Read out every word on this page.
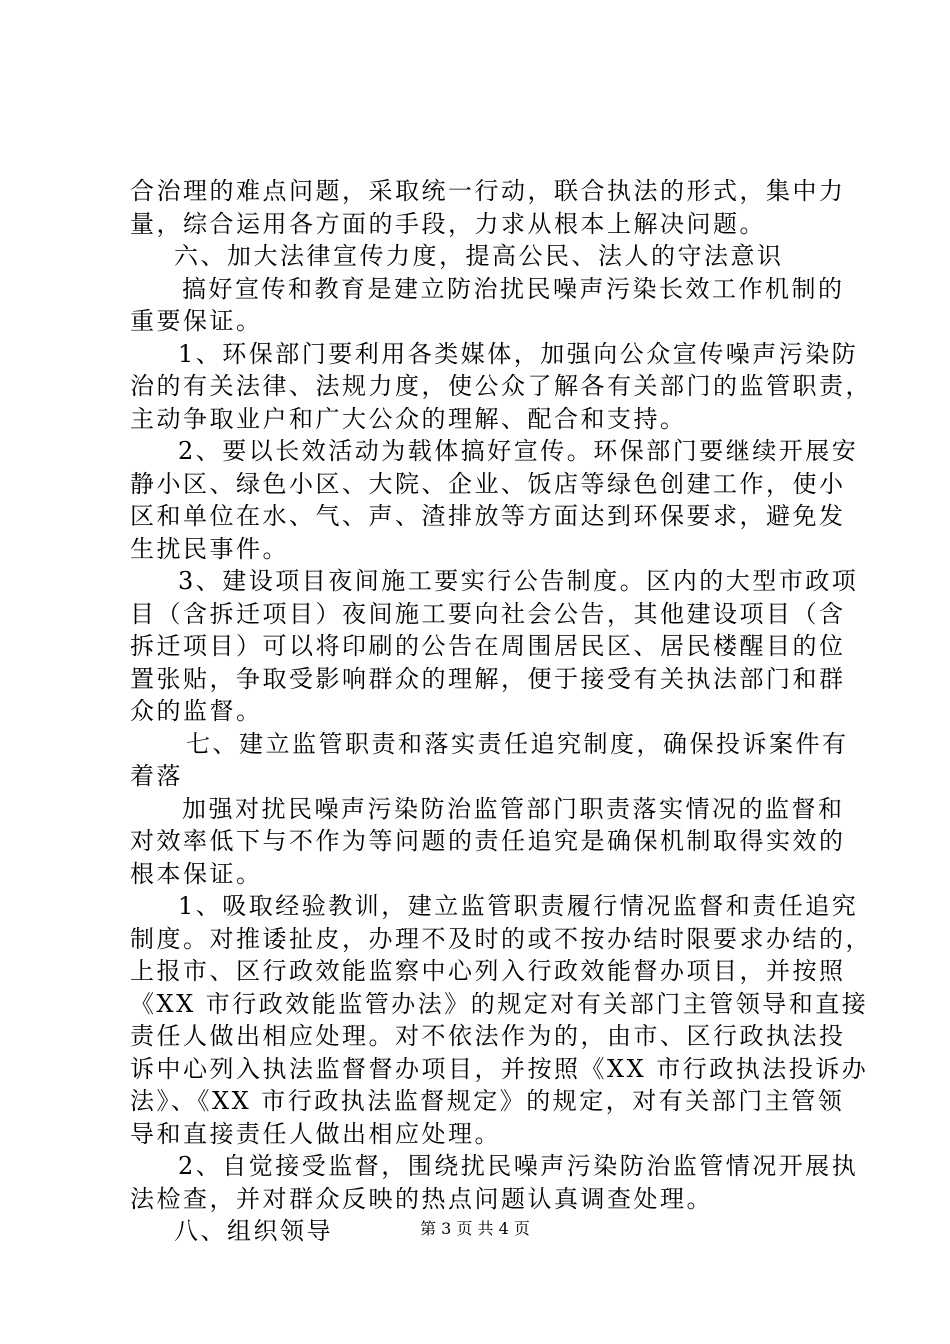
合治理的难点问题，采取统一行动，联合执法的形式，集中力
量，综合运用各方面的手段，力求从根本上解决问题。
六、加大法律宣传力度，提高公民、法人的守法意识
搞好宣传和教育是建立防治扰民噪声污染长效工作机制的
重要保证。
1、环保部门要利用各类媒体，加强向公众宣传噪声污染防
治的有关法律、法规力度，使公众了解各有关部门的监管职责，
主动争取业户和广大公众的理解、配合和支持。
2、要以长效活动为载体搞好宣传。环保部门要继续开展安
静小区、绿色小区、大院、企业、饭店等绿色创建工作，使小
区和单位在水、气、声、渣排放等方面达到环保要求，避免发
生扰民事件。
3、建设项目夜间施工要实行公告制度。区内的大型市政项
目（含拆迁项目）夜间施工要向社会公告，其他建设项目（含
拆迁项目）可以将印刷的公告在周围居民区、居民楼醒目的位
置张贴，争取受影响群众的理解，便于接受有关执法部门和群
众的监督。
七、建立监管职责和落实责任追究制度，确保投诉案件有
着落
加强对扰民噪声污染防治监管部门职责落实情况的监督和
对效率低下与不作为等问题的责任追究是确保机制取得实效的
根本保证。
1、吸取经验教训，建立监管职责履行情况监督和责任追究
制度。对推诿扯皮，办理不及时的或不按办结时限要求办结的，
上报市、区行政效能监察中心列入行政效能督办项目，并按照
《XX 市行政效能监管办法》的规定对有关部门主管领导和直接
责任人做出相应处理。对不依法作为的，由市、区行政执法投
诉中心列入执法监督督办项目，并按照《XX 市行政执法投诉办
法》、《XX 市行政执法监督规定》的规定，对有关部门主管领
导和直接责任人做出相应处理。
2、自觉接受监督，围绕扰民噪声污染防治监管情况开展执
法检查，并对群众反映的热点问题认真调查处理。
八、组织领导	第 3 页 共 4 页
